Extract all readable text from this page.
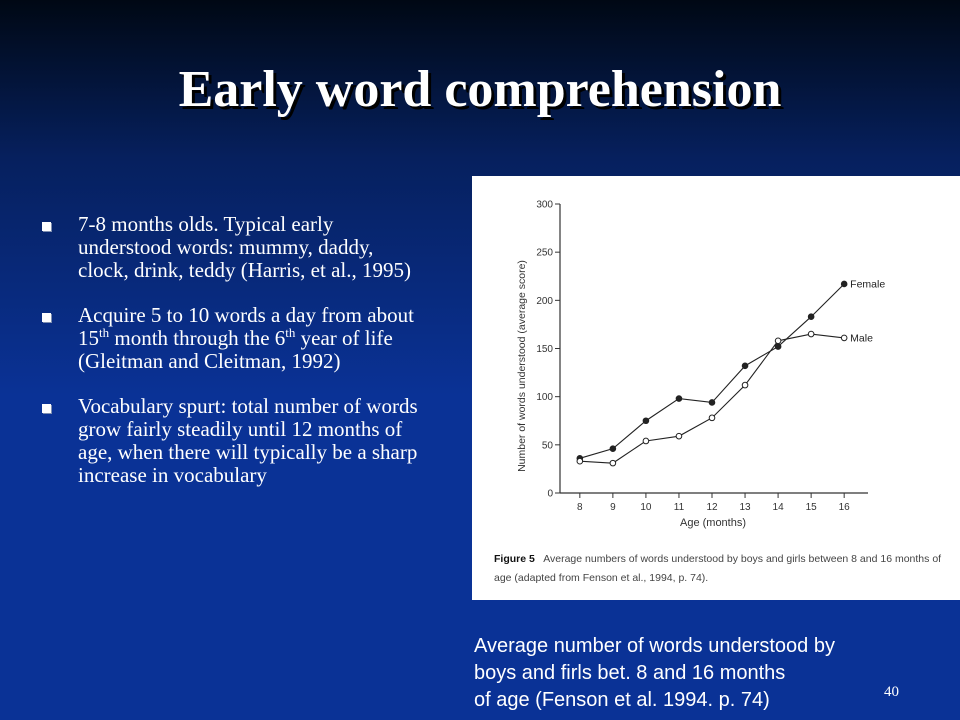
Early word comprehension
7-8 months olds. Typical early understood words: mummy, daddy, clock, drink, teddy (Harris, et al., 1995)
Acquire 5 to 10 words a day from about 15th month through the 6th year of life (Gleitman and Cleitman, 1992)
Vocabulary spurt: total number of words grow fairly steadily until 12 months of age, when there will typically be a sharp increase in vocabulary
0
50
100
150
200
250
300
8	9 10 11 12 13 14 15 16
Female
Male
Number of words understood (average score)
Age (months)
Figure 5 Average numbers of words understood by boys and girls between 8 and 16 months of
age (adapted from Fenson et al., 1994, p. 74).
Average number of words understood by
boys and firls bet. 8 and 16 months
of age (Fenson et al. 1994. p. 74)	40
